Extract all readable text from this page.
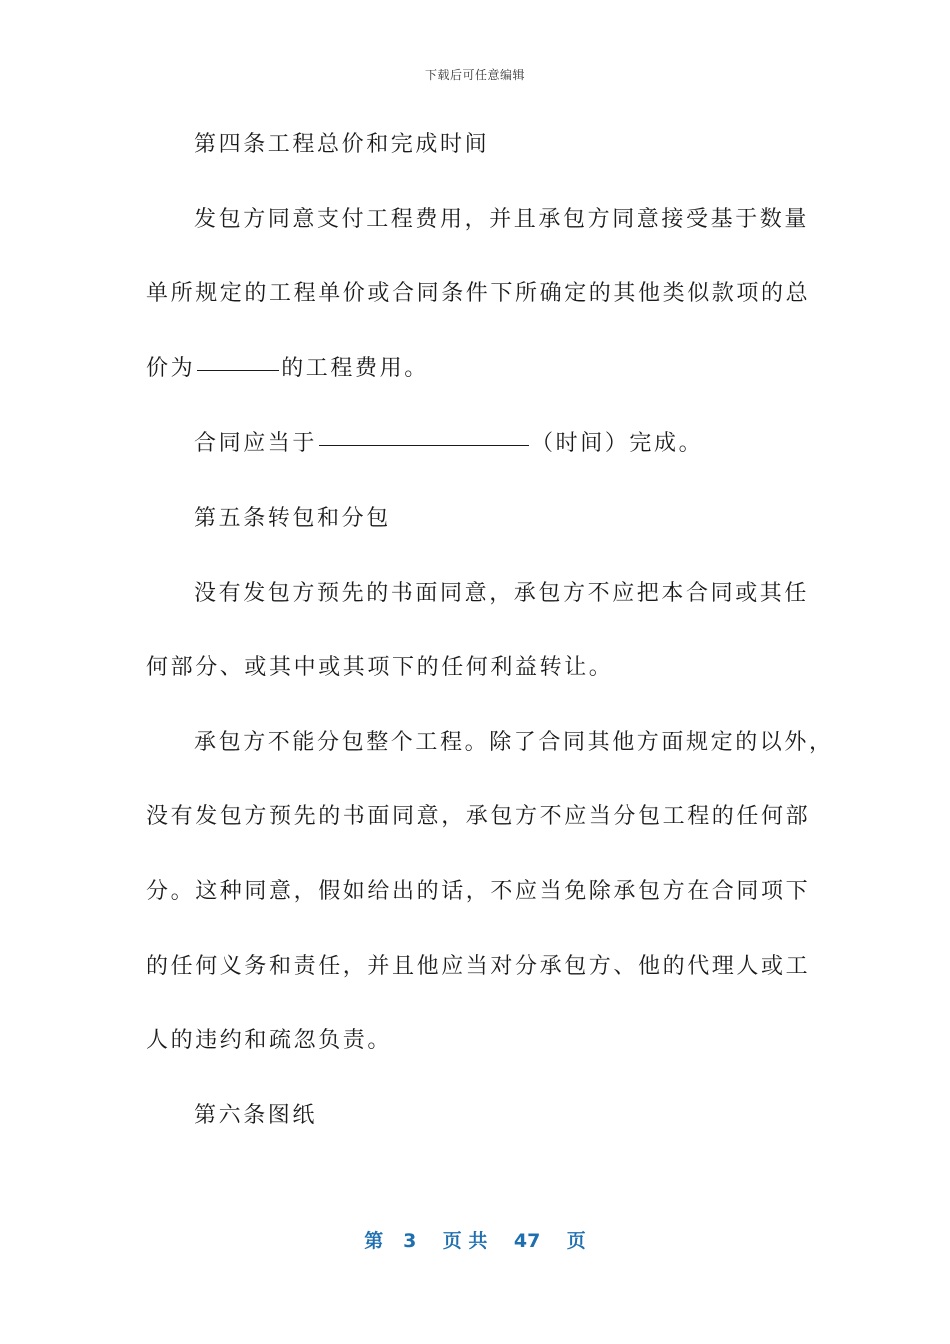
下载后可任意编辑
第四条工程总价和完成时间
发包方同意支付工程费用，并且承包方同意接受基于数量
单所规定的工程单价或合同条件下所确定的其他类似款项的总
价为	的工程费用。
合同应当于	（时间）完成。
第五条转包和分包
没有发包方预先的书面同意，承包方不应把本合同或其任
何部分、或其中或其项下的任何利益转让。
承包方不能分包整个工程。除了合同其他方面规定的以外，
没有发包方预先的书面同意，承包方不应当分包工程的任何部
分。这种同意，假如给出的话，不应当免除承包方在合同项下
的任何义务和责任，并且他应当对分承包方、他的代理人或工
人的违约和疏忽负责。
第六条图纸
第 3 页 共 47 页
